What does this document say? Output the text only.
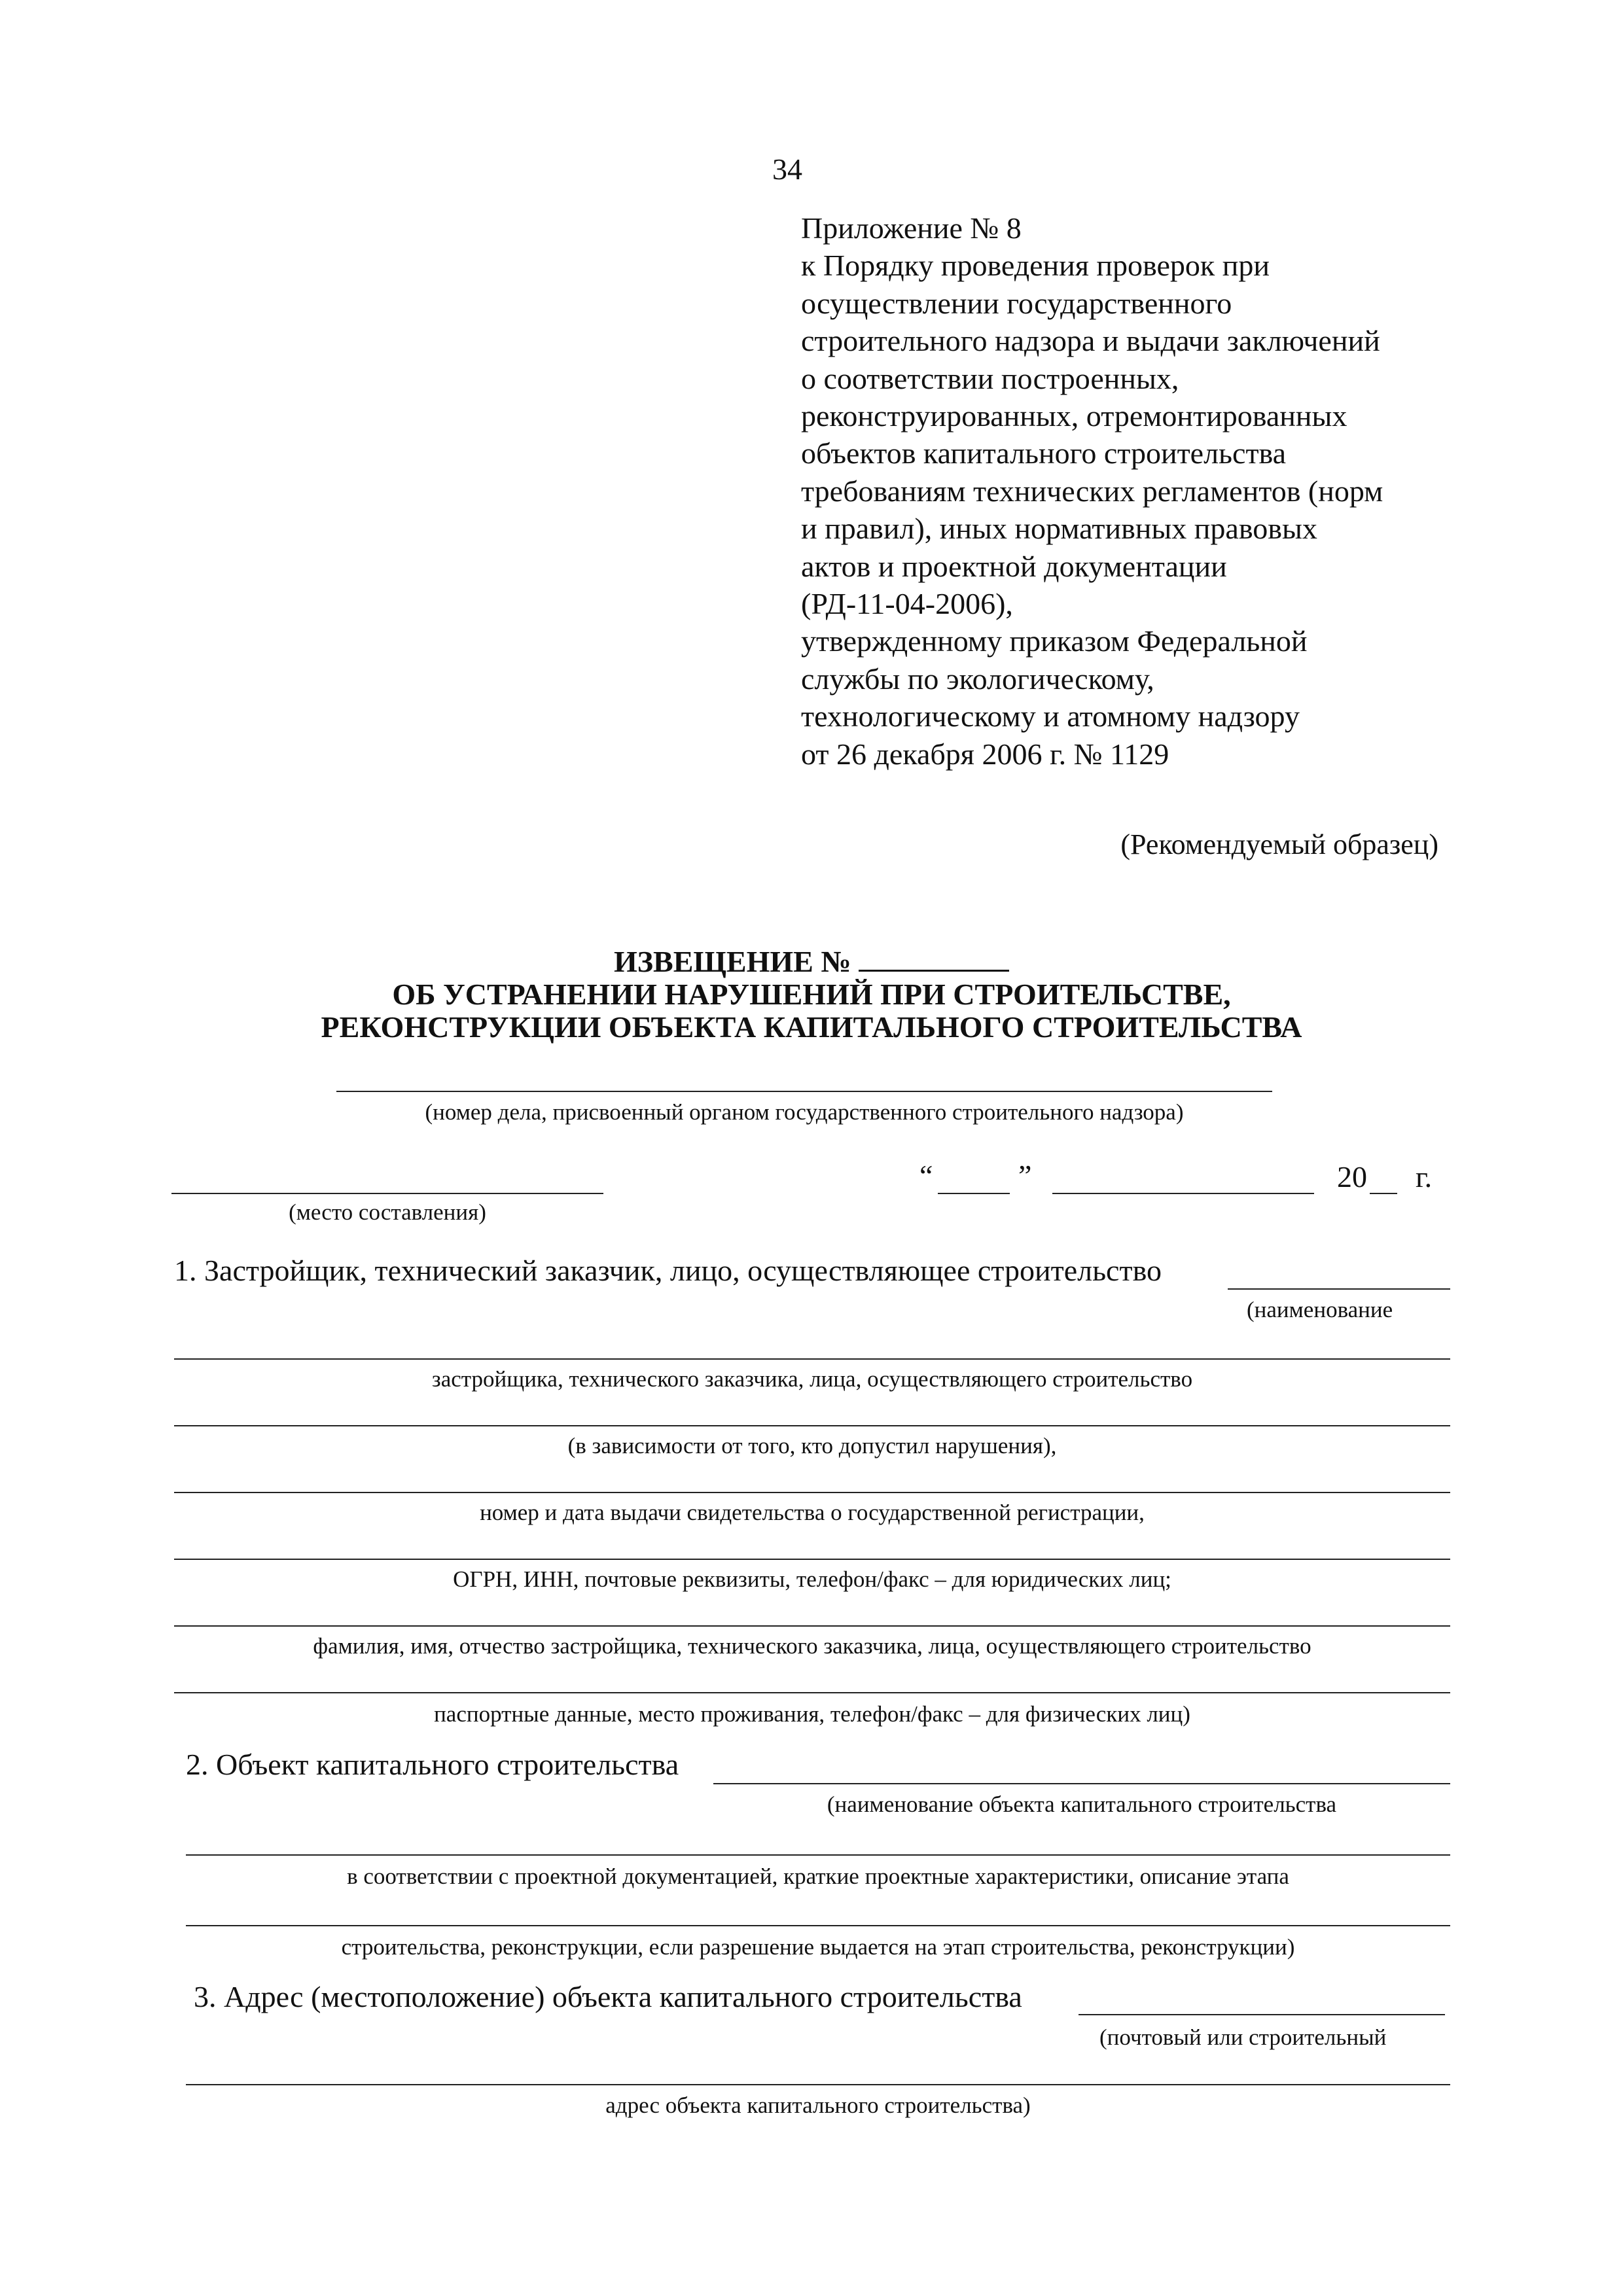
34
Приложение № 8
к Порядку проведения проверок при
осуществлении государственного
строительного надзора и выдачи заключений
о соответствии построенных,
реконструированных, отремонтированных
объектов капитального строительства
требованиям технических регламентов (норм
и правил), иных нормативных правовых
актов и проектной документации
(РД-11-04-2006),
утвержденному приказом Федеральной
службы по экологическому,
технологическому и атомному надзору
от 26 декабря 2006 г. № 1129
(Рекомендуемый образец)
ИЗВЕЩЕНИЕ №
ОБ УСТРАНЕНИИ НАРУШЕНИЙ ПРИ СТРОИТЕЛЬСТВЕ,
РЕКОНСТРУКЦИИ ОБЪЕКТА КАПИТАЛЬНОГО СТРОИТЕЛЬСТВА
(номер дела, присвоенный органом государственного строительного надзора)
(место составления)
“	”	20 г.
1. Застройщик, технический заказчик, лицо, осуществляющее строительство
(наименование
застройщика, технического заказчика, лица, осуществляющего строительство
(в зависимости от того, кто допустил нарушения),
номер и дата выдачи свидетельства о государственной регистрации,
ОГРН, ИНН, почтовые реквизиты, телефон/факс – для юридических лиц;
фамилия, имя, отчество застройщика, технического заказчика, лица, осуществляющего строительство
паспортные данные, место проживания, телефон/факс – для физических лиц)
2. Объект капитального строительства
(наименование объекта капитального строительства
в соответствии с проектной документацией, краткие проектные характеристики, описание этапа
строительства, реконструкции, если разрешение выдается на этап строительства, реконструкции)
3. Адрес (местоположение) объекта капитального строительства
(почтовый или строительный
адрес объекта капитального строительства)
